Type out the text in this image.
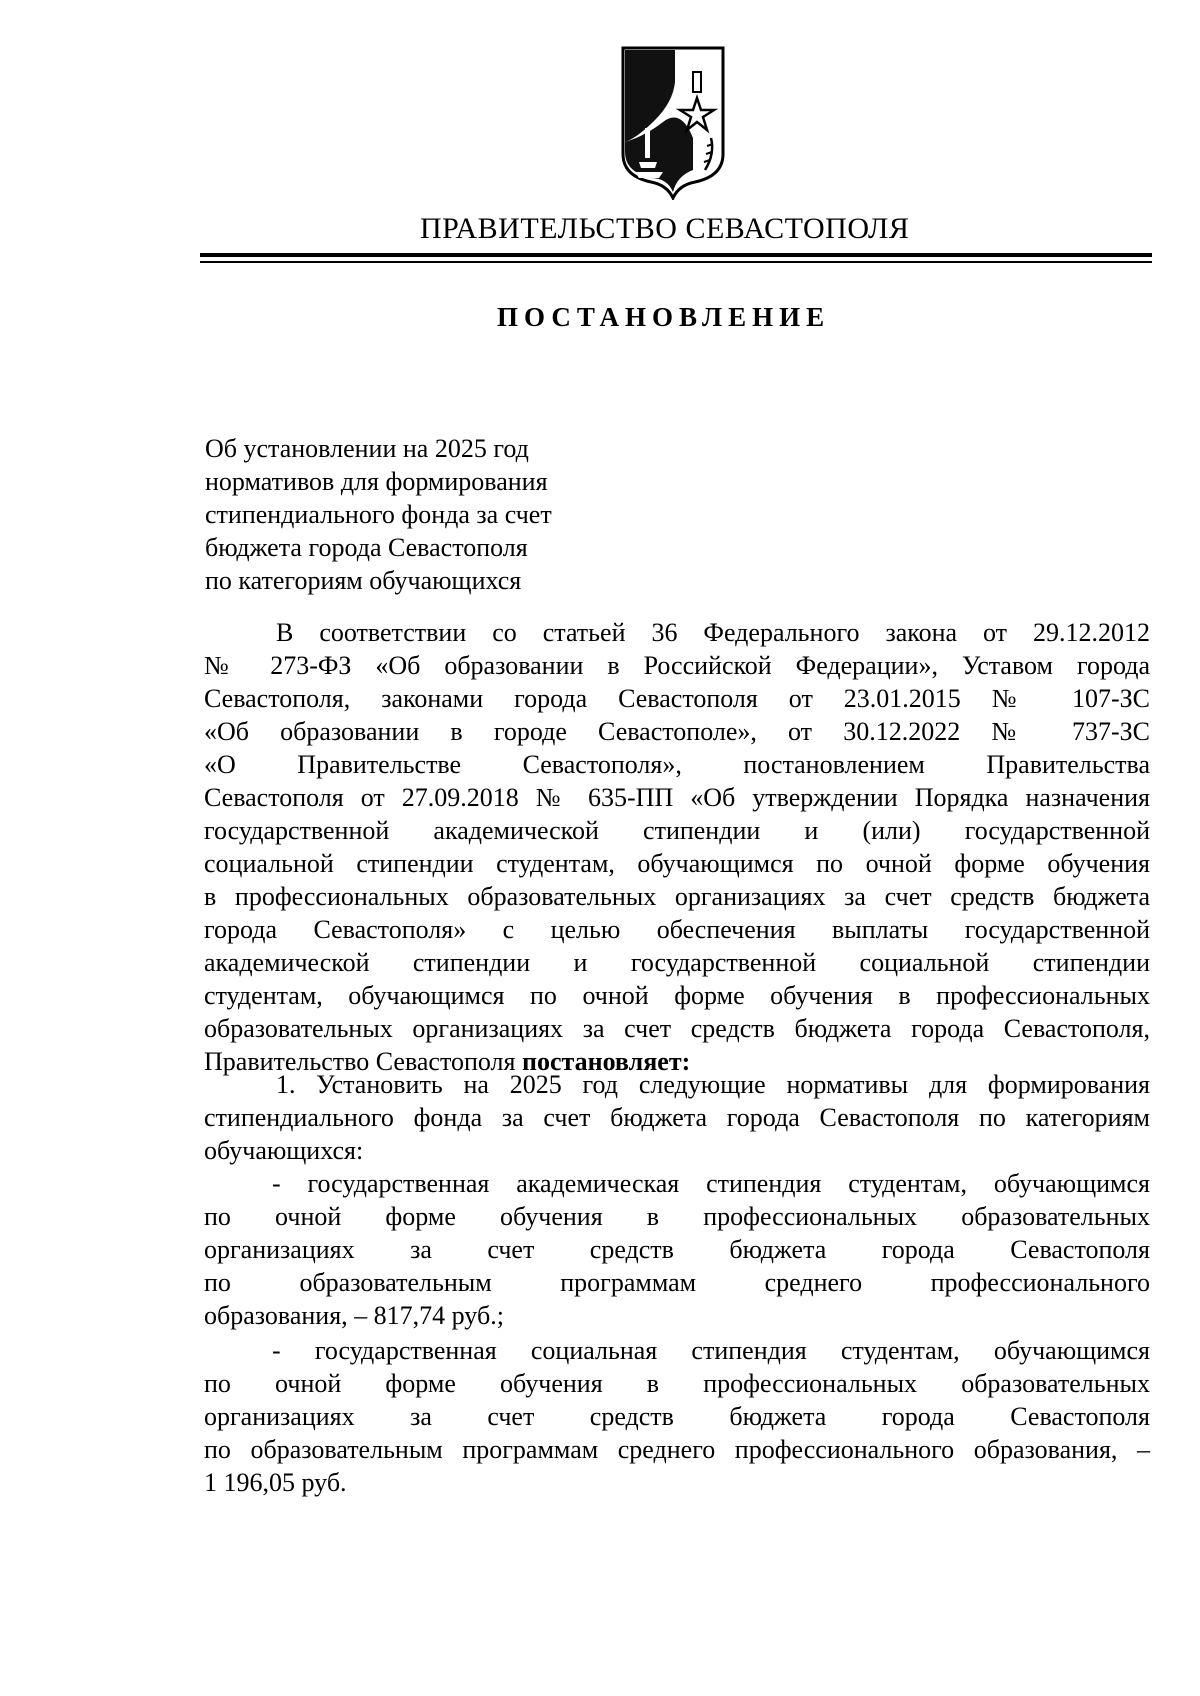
ПРАВИТЕЛЬСТВО СЕВАСТОПОЛЯ
ПОСТАНОВЛЕНИЕ
Об установлении на 2025 год
нормативов для формирования
стипендиального фонда за счет
бюджета города Севастополя
по категориям обучающихся
В соответствии со статьей 36 Федерального закона от 29.12.2012
№ 273-ФЗ «Об образовании в Российской Федерации», Уставом города
Севастополя, законами города Севастополя от 23.01.2015 № 107-ЗС
«Об образовании в городе Севастополе», от 30.12.2022 № 737-ЗС
«О Правительстве Севастополя», постановлением Правительства
Севастополя от 27.09.2018 № 635-ПП «Об утверждении Порядка назначения
государственной академической стипендии и (или) государственной
социальной стипендии студентам, обучающимся по очной форме обучения
в профессиональных образовательных организациях за счет средств бюджета
города Севастополя» с целью обеспечения выплаты государственной
академической стипендии и государственной социальной стипендии
студентам, обучающимся по очной форме обучения в профессиональных
образовательных организациях за счет средств бюджета города Севастополя,
Правительство Севастополя постановляет:
1. Установить на 2025 год следующие нормативы для формирования
стипендиального фонда за счет бюджета города Севастополя по категориям
обучающихся:
- государственная академическая стипендия студентам, обучающимся
по очной форме обучения в профессиональных образовательных
организациях за счет средств бюджета города Севастополя
по образовательным программам среднего профессионального
образования, – 817,74 руб.;
- государственная социальная стипендия студентам, обучающимся
по очной форме обучения в профессиональных образовательных
организациях за счет средств бюджета города Севастополя
по образовательным программам среднего профессионального образования, –
1 196,05 руб.
